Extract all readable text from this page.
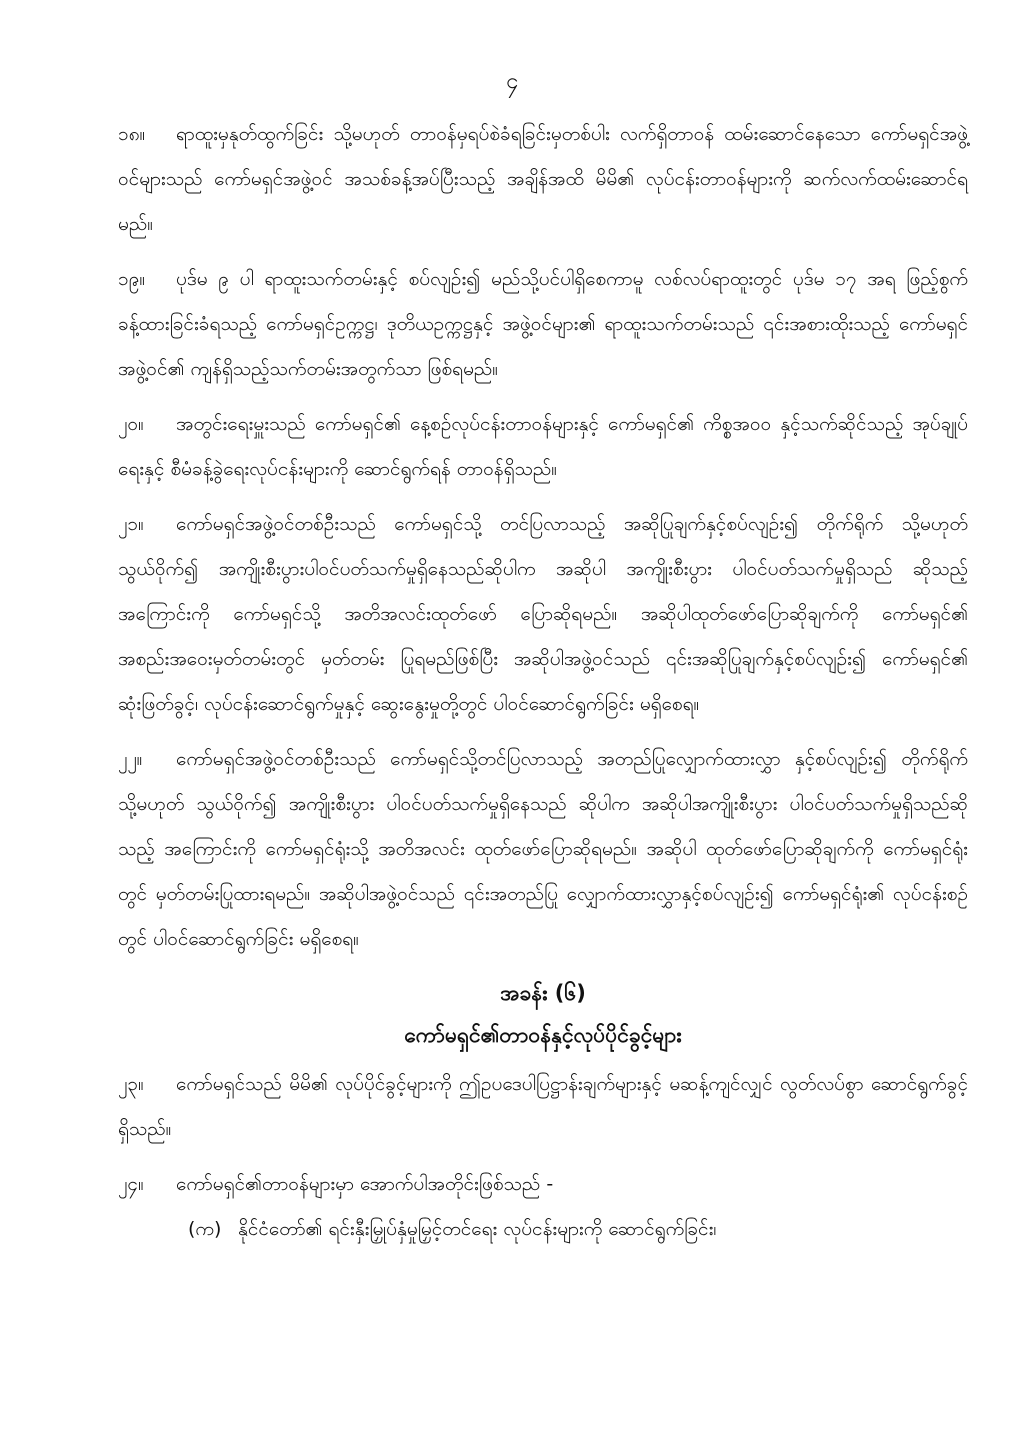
၄

၁၈။ ရာထူးမှနုတ်ထွက်ခြင်း သို့မဟုတ် တာဝန်မှရပ်စဲခံရခြင်းမှတစ်ပါး လက်ရှိတာဝန် ထမ်းဆောင်နေသော ကော်မရှင်အဖွဲ့ဝင်များသည် ကော်မရှင်အဖွဲ့ဝင် အသစ်ခန့်အပ်ပြီးသည့် အချိန်အထိ မိမိ၏ လုပ်ငန်းတာဝန်များကို ဆက်လက်ထမ်းဆောင်ရမည်။

၁၉။ ပုဒ်မ ၉ ပါ ရာထူးသက်တမ်းနှင့် စပ်လျဉ်း၍ မည်သို့ပင်ပါရှိစေကာမူ လစ်လပ်ရာထူးတွင် ပုဒ်မ ၁၇ အရ ဖြည့်စွက်ခန့်ထားခြင်းခံရသည့် ကော်မရှင်ဥက္ကဋ္ဌ၊ ဒုတိယဥက္ကဋ္ဌနှင့် အဖွဲ့ဝင်များ၏ ရာထူးသက်တမ်းသည် ၎င်းအစားထိုးသည့် ကော်မရှင်အဖွဲ့ဝင်၏ ကျန်ရှိသည့်သက်တမ်းအတွက်သာ ဖြစ်ရမည်။

၂၀။ အတွင်းရေးမှူးသည် ကော်မရှင်၏ နေ့စဉ်လုပ်ငန်းတာဝန်များနှင့် ကော်မရှင်၏ ကိစ္စအဝဝ နှင့်သက်ဆိုင်သည့် အုပ်ချုပ်ရေးနှင့် စီမံခန့်ခွဲရေးလုပ်ငန်းများကို ဆောင်ရွက်ရန် တာဝန်ရှိသည်။

၂၁။ ကော်မရှင်အဖွဲ့ဝင်တစ်ဦးသည် ကော်မရှင်သို့ တင်ပြလာသည့် အဆိုပြုချက်နှင့်စပ်လျဉ်း၍ တိုက်ရိုက် သို့မဟုတ် သွယ်ဝိုက်၍ အကျိုးစီးပွားပါဝင်ပတ်သက်မှုရှိနေသည်ဆိုပါက အဆိုပါ အကျိုးစီးပွား ပါဝင်ပတ်သက်မှုရှိသည် ဆိုသည့်အကြောင်းကို ကော်မရှင်သို့ အတိအလင်းထုတ်ဖော် ပြောဆိုရမည်။ အဆိုပါထုတ်ဖော်ပြောဆိုချက်ကို ကော်မရှင်၏ အစည်းအဝေးမှတ်တမ်းတွင် မှတ်တမ်း ပြုရမည်ဖြစ်ပြီး အဆိုပါအဖွဲ့ဝင်သည် ၎င်းအဆိုပြုချက်နှင့်စပ်လျဉ်း၍ ကော်မရှင်၏ ဆုံးဖြတ်ခွင့်၊ လုပ်ငန်းဆောင်ရွက်မှုနှင့် ဆွေးနွေးမှုတို့တွင် ပါဝင်ဆောင်ရွက်ခြင်း မရှိစေရ။

၂၂။ ကော်မရှင်အဖွဲ့ဝင်တစ်ဦးသည် ကော်မရှင်သို့တင်ပြလာသည့် အတည်ပြုလျှောက်ထားလွှာ နှင့်စပ်လျဉ်း၍ တိုက်ရိုက် သို့မဟုတ် သွယ်ဝိုက်၍ အကျိုးစီးပွား ပါဝင်ပတ်သက်မှုရှိနေသည် ဆိုပါက အဆိုပါအကျိုးစီးပွား ပါဝင်ပတ်သက်မှုရှိသည်ဆိုသည့် အကြောင်းကို ကော်မရှင်ရုံးသို့ အတိအလင်း ထုတ်ဖော်ပြောဆိုရမည်။ အဆိုပါ ထုတ်ဖော်ပြောဆိုချက်ကို ကော်မရှင်ရုံးတွင် မှတ်တမ်းပြုထားရမည်။ အဆိုပါအဖွဲ့ဝင်သည် ၎င်းအတည်ပြု လျှောက်ထားလွှာနှင့်စပ်လျဉ်း၍ ကော်မရှင်ရုံး၏ လုပ်ငန်းစဉ်တွင် ပါဝင်ဆောင်ရွက်ခြင်း မရှိစေရ။

အခန်း (၆)

ကော်မရှင်၏တာဝန်နှင့်လုပ်ပိုင်ခွင့်များ

၂၃။ ကော်မရှင်သည် မိမိ၏ လုပ်ပိုင်ခွင့်များကို ဤဥပဒေပါပြဋ္ဌာန်းချက်များနှင့် မဆန့်ကျင်လျှင် လွတ်လပ်စွာ ဆောင်ရွက်ခွင့်ရှိသည်။

၂၄။ ကော်မရှင်၏တာဝန်များမှာ အောက်ပါအတိုင်းဖြစ်သည် -

(က) နိုင်ငံတော်၏ ရင်းနှီးမြှုပ်နှံမှုမြှင့်တင်ရေး လုပ်ငန်းများကို ဆောင်ရွက်ခြင်း၊
